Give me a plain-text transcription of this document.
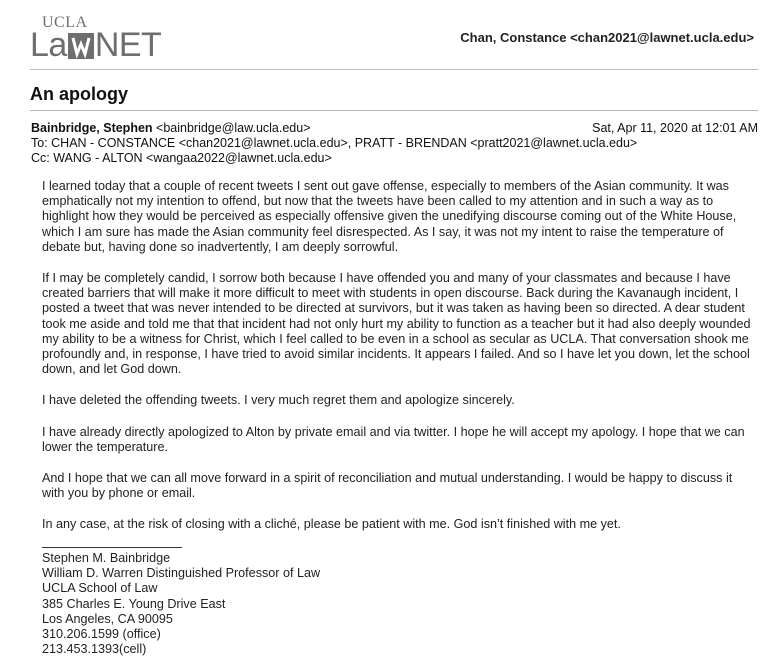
UCLA
La NET	Chan, Constance <chan2021@lawnet.ucla.edu>
An apology
Bainbridge, Stephen <bainbridge@law.ucla.edu>	Sat, Apr 11, 2020 at 12:01 AM
To: CHAN - CONSTANCE <chan2021@lawnet.ucla.edu>, PRATT - BRENDAN <pratt2021@lawnet.ucla.edu>
Cc: WANG - ALTON <wangaa2022@lawnet.ucla.edu>

I learned today that a couple of recent tweets I sent out gave offense, especially to members of the Asian community. It was emphatically not my intention to offend, but now that the tweets have been called to my attention and in such a way as to highlight how they would be perceived as especially offensive given the unedifying discourse coming out of the White House, which I am sure has made the Asian community feel disrespected. As I say, it was not my intent to raise the temperature of debate but, having done so inadvertently, I am deeply sorrowful.

If I may be completely candid, I sorrow both because I have offended you and many of your classmates and because I have created barriers that will make it more difficult to meet with students in open discourse. Back during the Kavanaugh incident, I posted a tweet that was never intended to be directed at survivors, but it was taken as having been so directed. A dear student took me aside and told me that that incident had not only hurt my ability to function as a teacher but it had also deeply wounded my ability to be a witness for Christ, which I feel called to be even in a school as secular as UCLA. That conversation shook me profoundly and, in response, I have tried to avoid similar incidents. It appears I failed. And so I have let you down, let the school down, and let God down.

I have deleted the offending tweets. I very much regret them and apologize sincerely.

I have already directly apologized to Alton by private email and via twitter. I hope he will accept my apology. I hope that we can lower the temperature.

And I hope that we can all move forward in a spirit of reconciliation and mutual understanding. I would be happy to discuss it with you by phone or email.

In any case, at the risk of closing with a cliché, please be patient with me. God isn’t finished with me yet.

Stephen M. Bainbridge
William D. Warren Distinguished Professor of Law
UCLA School of Law
385 Charles E. Young Drive East
Los Angeles, CA 90095
310.206.1599 (office)
213.453.1393(cell)
